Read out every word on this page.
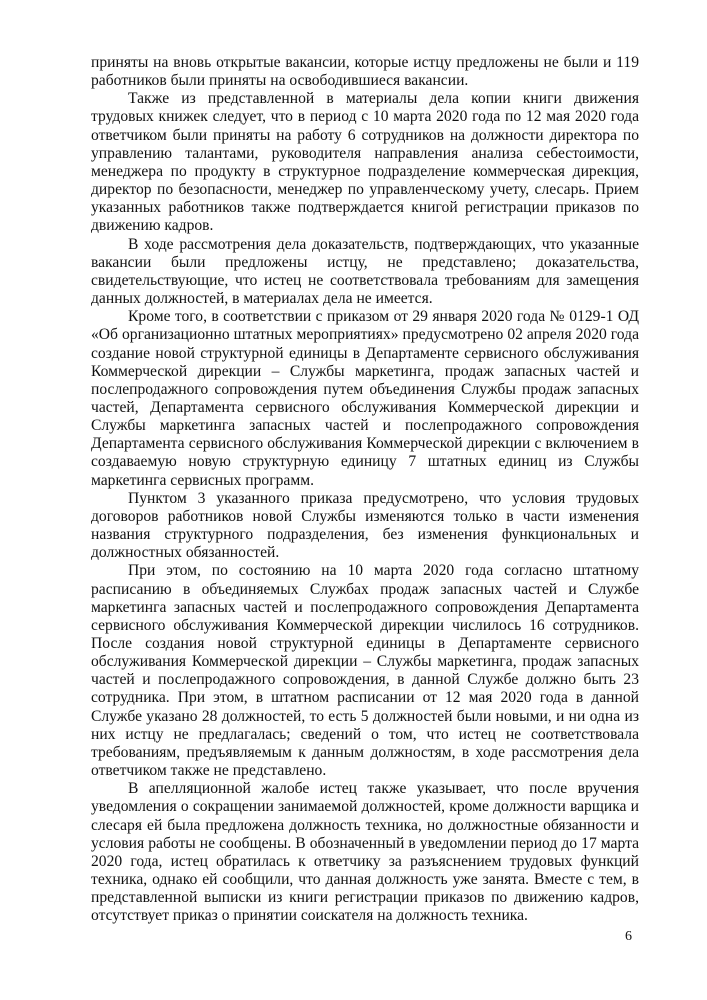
приняты на вновь открытые вакансии, которые истцу предложены не были и 119 работников были приняты на освободившиеся вакансии.

Также из представленной в материалы дела копии книги движения трудовых книжек следует, что в период с 10 марта 2020 года по 12 мая 2020 года ответчиком были приняты на работу 6 сотрудников на должности директора по управлению талантами, руководителя направления анализа себестоимости, менеджера по продукту в структурное подразделение коммерческая дирекция, директор по безопасности, менеджер по управленческому учету, слесарь. Прием указанных работников также подтверждается книгой регистрации приказов по движению кадров.

В ходе рассмотрения дела доказательств, подтверждающих, что указанные вакансии были предложены истцу, не представлено; доказательства, свидетельствующие, что истец не соответствовала требованиям для замещения данных должностей, в материалах дела не имеется.

Кроме того, в соответствии с приказом от 29 января 2020 года № 0129-1 ОД «Об организационно штатных мероприятиях» предусмотрено 02 апреля 2020 года создание новой структурной единицы в Департаменте сервисного обслуживания Коммерческой дирекции – Службы маркетинга, продаж запасных частей и послепродажного сопровождения путем объединения Службы продаж запасных частей, Департамента сервисного обслуживания Коммерческой дирекции и Службы маркетинга запасных частей и послепродажного сопровождения Департамента сервисного обслуживания Коммерческой дирекции с включением в создаваемую новую структурную единицу 7 штатных единиц из Службы маркетинга сервисных программ.

Пунктом 3 указанного приказа предусмотрено, что условия трудовых договоров работников новой Службы изменяются только в части изменения названия структурного подразделения, без изменения функциональных и должностных обязанностей.

При этом, по состоянию на 10 марта 2020 года согласно штатному расписанию в объединяемых Службах продаж запасных частей и Службе маркетинга запасных частей и послепродажного сопровождения Департамента сервисного обслуживания Коммерческой дирекции числилось 16 сотрудников. После создания новой структурной единицы в Департаменте сервисного обслуживания Коммерческой дирекции – Службы маркетинга, продаж запасных частей и послепродажного сопровождения, в данной Службе должно быть 23 сотрудника. При этом, в штатном расписании от 12 мая 2020 года в данной Службе указано 28 должностей, то есть 5 должностей были новыми, и ни одна из них истцу не предлагалась; сведений о том, что истец не соответствовала требованиям, предъявляемым к данным должностям, в ходе рассмотрения дела ответчиком также не представлено.

В апелляционной жалобе истец также указывает, что после вручения уведомления о сокращении занимаемой должностей, кроме должности варщика и слесаря ей была предложена должность техника, но должностные обязанности и условия работы не сообщены. В обозначенный в уведомлении период до 17 марта 2020 года, истец обратилась к ответчику за разъяснением трудовых функций техника, однако ей сообщили, что данная должность уже занята. Вместе с тем, в представленной выписки из книги регистрации приказов по движению кадров, отсутствует приказ о принятии соискателя на должность техника.

6
